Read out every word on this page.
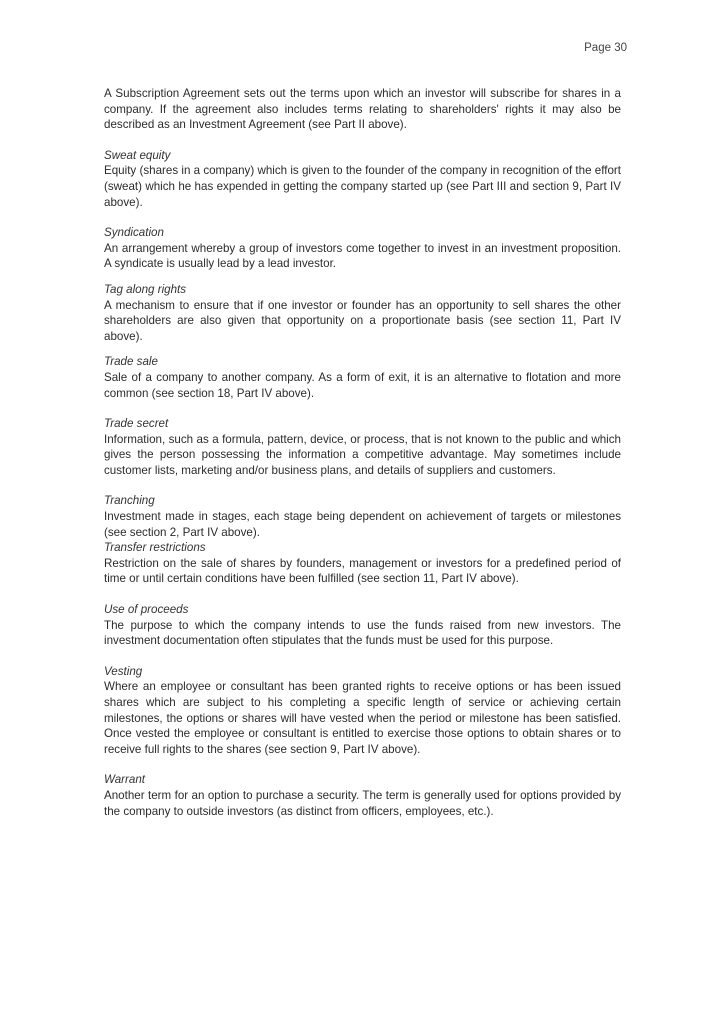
Page 30

A Subscription Agreement sets out the terms upon which an investor will subscribe for shares in a company. If the agreement also includes terms relating to shareholders' rights it may also be described as an Investment Agreement (see Part II above).

Sweat equity

Equity (shares in a company) which is given to the founder of the company in recognition of the effort (sweat) which he has expended in getting the company started up (see Part III and section 9, Part IV above).

Syndication

An arrangement whereby a group of investors come together to invest in an investment proposition. A syndicate is usually lead by a lead investor.

Tag along rights

A mechanism to ensure that if one investor or founder has an opportunity to sell shares the other shareholders are also given that opportunity on a proportionate basis (see section 11, Part IV above).

Trade sale

Sale of a company to another company. As a form of exit, it is an alternative to flotation and more common (see section 18, Part IV above).

Trade secret

Information, such as a formula, pattern, device, or process, that is not known to the public and which gives the person possessing the information a competitive advantage. May sometimes include customer lists, marketing and/or business plans, and details of suppliers and customers.

Tranching

Investment made in stages, each stage being dependent on achievement of targets or milestones (see section 2, Part IV above).

Transfer restrictions

Restriction on the sale of shares by founders, management or investors for a predefined period of time or until certain conditions have been fulfilled (see section 11, Part IV above).

Use of proceeds

The purpose to which the company intends to use the funds raised from new investors. The investment documentation often stipulates that the funds must be used for this purpose.

Vesting

Where an employee or consultant has been granted rights to receive options or has been issued shares which are subject to his completing a specific length of service or achieving certain milestones, the options or shares will have vested when the period or milestone has been satisfied. Once vested the employee or consultant is entitled to exercise those options to obtain shares or to receive full rights to the shares (see section 9, Part IV above).

Warrant

Another term for an option to purchase a security. The term is generally used for options provided by the company to outside investors (as distinct from officers, employees, etc.).
